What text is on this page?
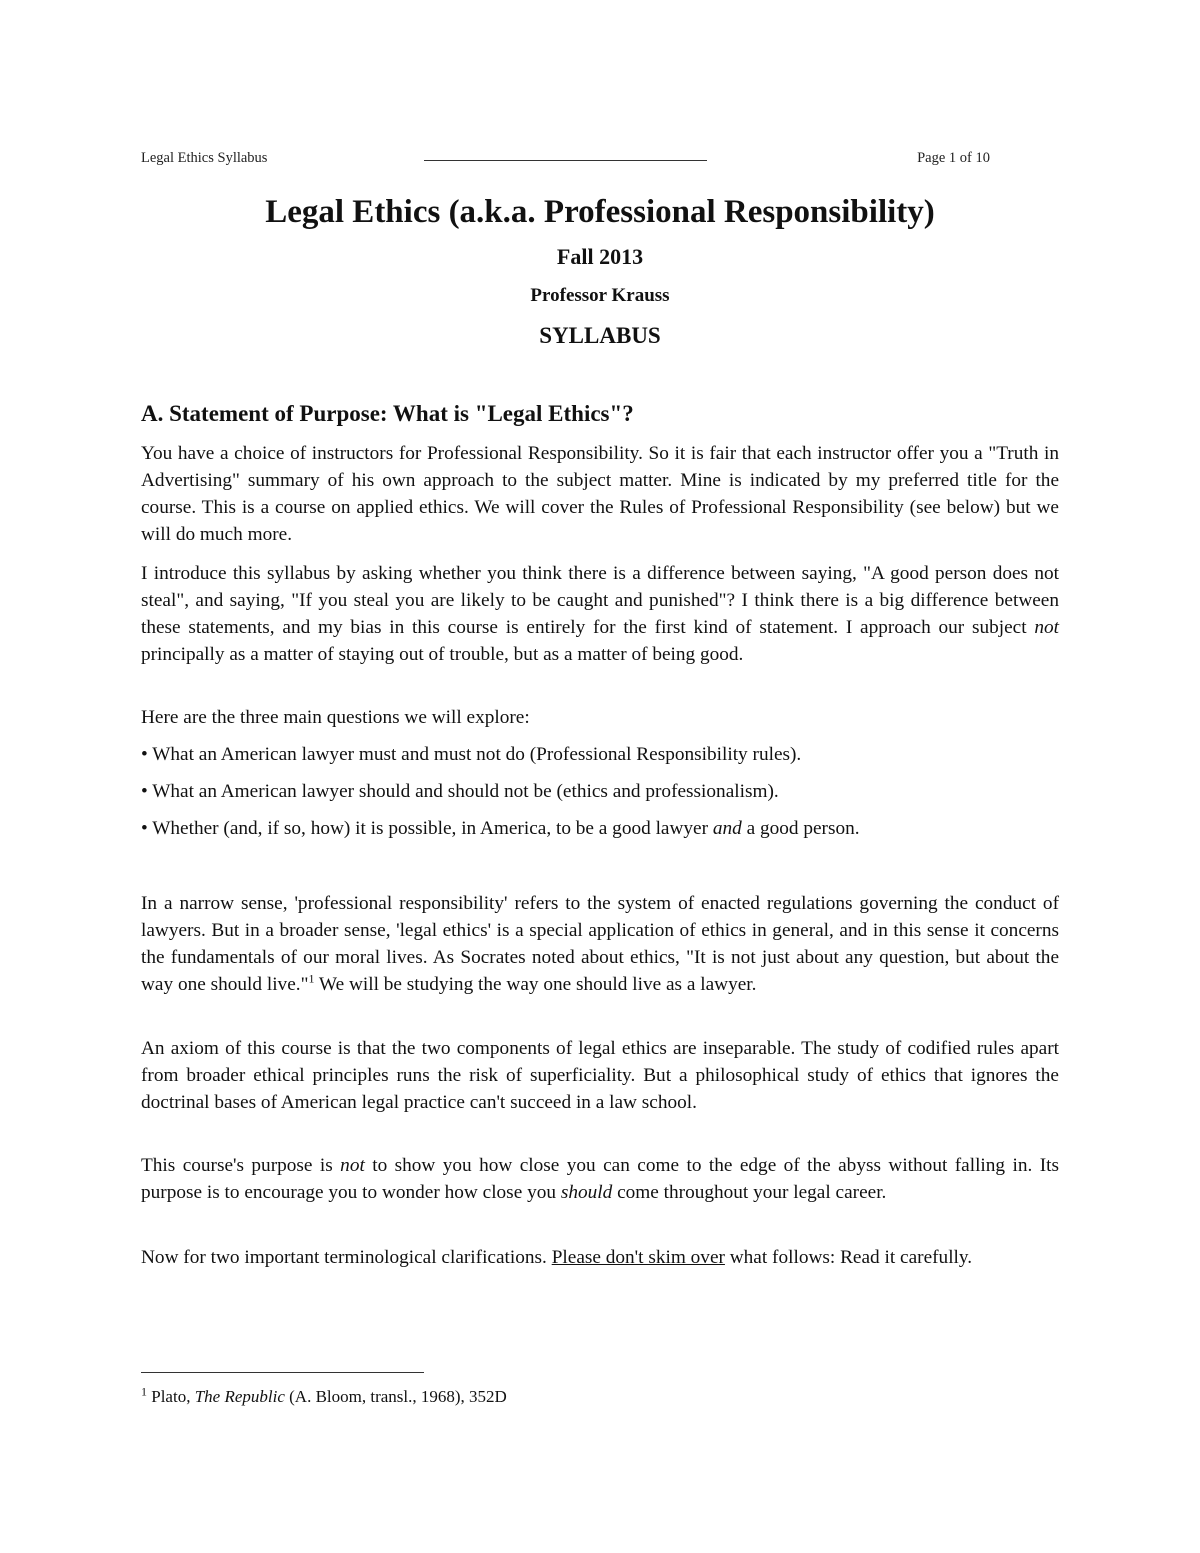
Legal Ethics Syllabus	Page 1 of 10
Legal Ethics (a.k.a. Professional Responsibility)
Fall 2013
Professor Krauss
SYLLABUS
A. Statement of Purpose: What is "Legal Ethics"?

You have a choice of instructors for Professional Responsibility. So it is fair that each instructor offer you a "Truth in Advertising" summary of his own approach to the subject matter. Mine is indicated by my preferred title for the course. This is a course on applied ethics. We will cover the Rules of Professional Responsibility (see below) but we will do much more.

I introduce this syllabus by asking whether you think there is a difference between saying, "A good person does not steal", and saying, "If you steal you are likely to be caught and punished"? I think there is a big difference between these statements, and my bias in this course is entirely for the first kind of statement. I approach our subject not principally as a matter of staying out of trouble, but as a matter of being good.

Here are the three main questions we will explore:

• What an American lawyer must and must not do (Professional Responsibility rules).
• What an American lawyer should and should not be (ethics and professionalism).
• Whether (and, if so, how) it is possible, in America, to be a good lawyer and a good person.

In a narrow sense, 'professional responsibility' refers to the system of enacted regulations governing the conduct of lawyers. But in a broader sense, 'legal ethics' is a special application of ethics in general, and in this sense it concerns the fundamentals of our moral lives. As Socrates noted about ethics, "It is not just about any question, but about the way one should live."$^1$ We will be studying the way one should live as a lawyer.

An axiom of this course is that the two components of legal ethics are inseparable. The study of codified rules apart from broader ethical principles runs the risk of superficiality. But a philosophical study of ethics that ignores the doctrinal bases of American legal practice can't succeed in a law school.

This course's purpose is not to show you how close you can come to the edge of the abyss without falling in. Its purpose is to encourage you to wonder how close you should come throughout your legal career.

Now for two important terminological clarifications. Please don't skim over what follows: Read it carefully.

$^1$ Plato, The Republic (A. Bloom, transl., 1968), 352D
